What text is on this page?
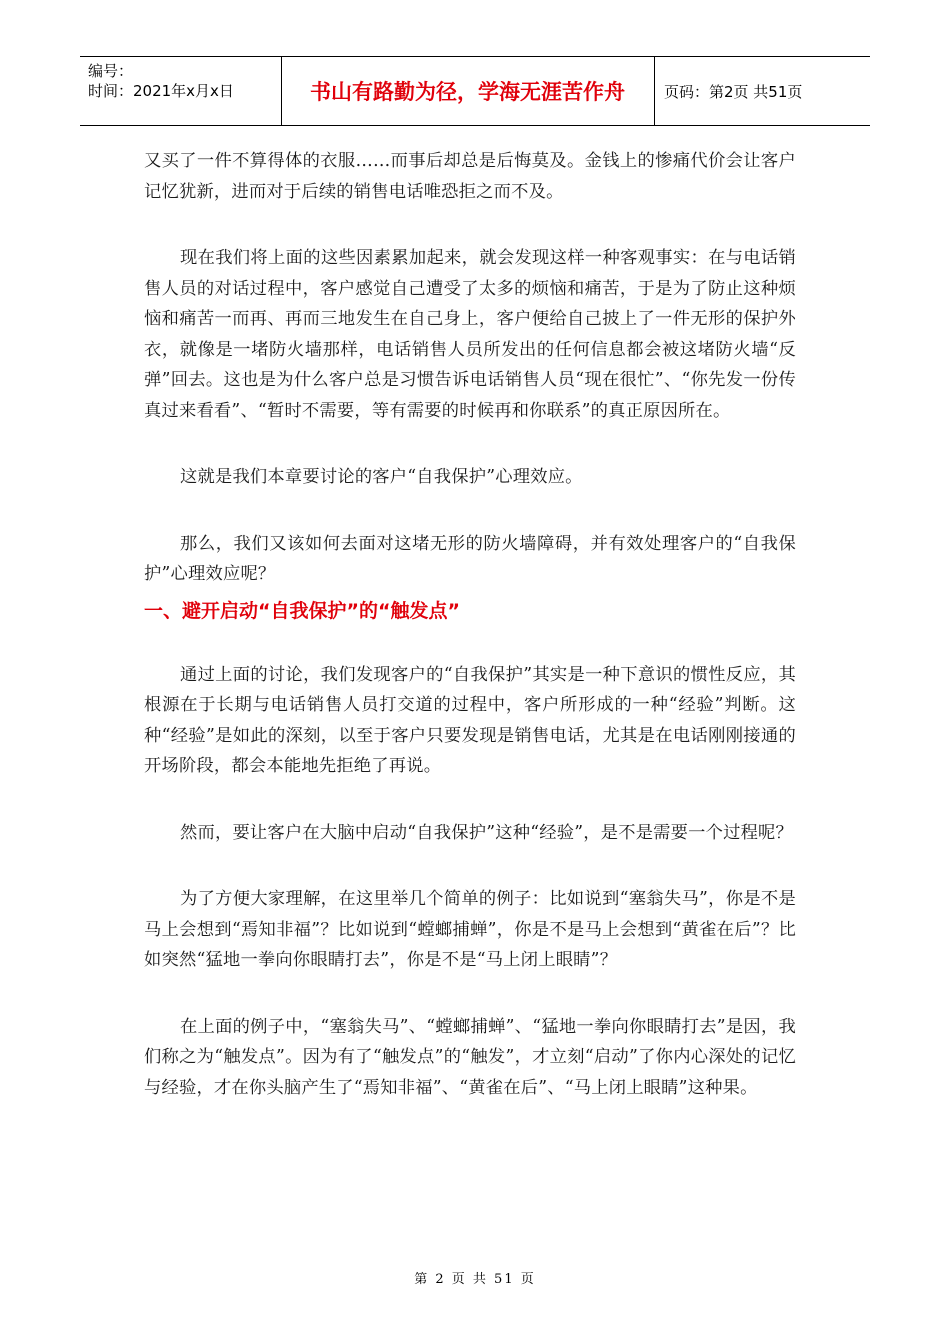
编号：
时间：2021年x月x日	书山有路勤为径，学海无涯苦作舟	页码：第2页 共51页

又买了一件不算得体的衣服……而事后却总是后悔莫及。金钱上的惨痛代价会让客户记忆犹新，进而对于后续的销售电话唯恐拒之而不及。

现在我们将上面的这些因素累加起来，就会发现这样一种客观事实：在与电话销售人员的对话过程中，客户感觉自己遭受了太多的烦恼和痛苦，于是为了防止这种烦恼和痛苦一而再、再而三地发生在自己身上，客户便给自己披上了一件无形的保护外衣，就像是一堵防火墙那样，电话销售人员所发出的任何信息都会被这堵防火墙“反弹”回去。这也是为什么客户总是习惯告诉电话销售人员“现在很忙”、“你先发一份传真过来看看”、“暂时不需要，等有需要的时候再和你联系”的真正原因所在。

这就是我们本章要讨论的客户“自我保护”心理效应。

那么，我们又该如何去面对这堵无形的防火墙障碍，并有效处理客户的“自我保护”心理效应呢？

一、避开启动“自我保护”的“触发点”

通过上面的讨论，我们发现客户的“自我保护”其实是一种下意识的惯性反应，其根源在于长期与电话销售人员打交道的过程中，客户所形成的一种“经验”判断。这种“经验”是如此的深刻，以至于客户只要发现是销售电话，尤其是在电话刚刚接通的开场阶段，都会本能地先拒绝了再说。

然而，要让客户在大脑中启动“自我保护”这种“经验”，是不是需要一个过程呢？

为了方便大家理解，在这里举几个简单的例子：比如说到“塞翁失马”，你是不是马上会想到“焉知非福”？比如说到“螳螂捕蝉”，你是不是马上会想到“黄雀在后”？比如突然“猛地一拳向你眼睛打去”，你是不是“马上闭上眼睛”？

在上面的例子中，“塞翁失马”、“螳螂捕蝉”、“猛地一拳向你眼睛打去”是因，我们称之为“触发点”。因为有了“触发点”的“触发”，才立刻“启动”了你内心深处的记忆与经验，才在你头脑产生了“焉知非福”、“黄雀在后”、“马上闭上眼睛”这种果。

第 2 页 共 51 页
